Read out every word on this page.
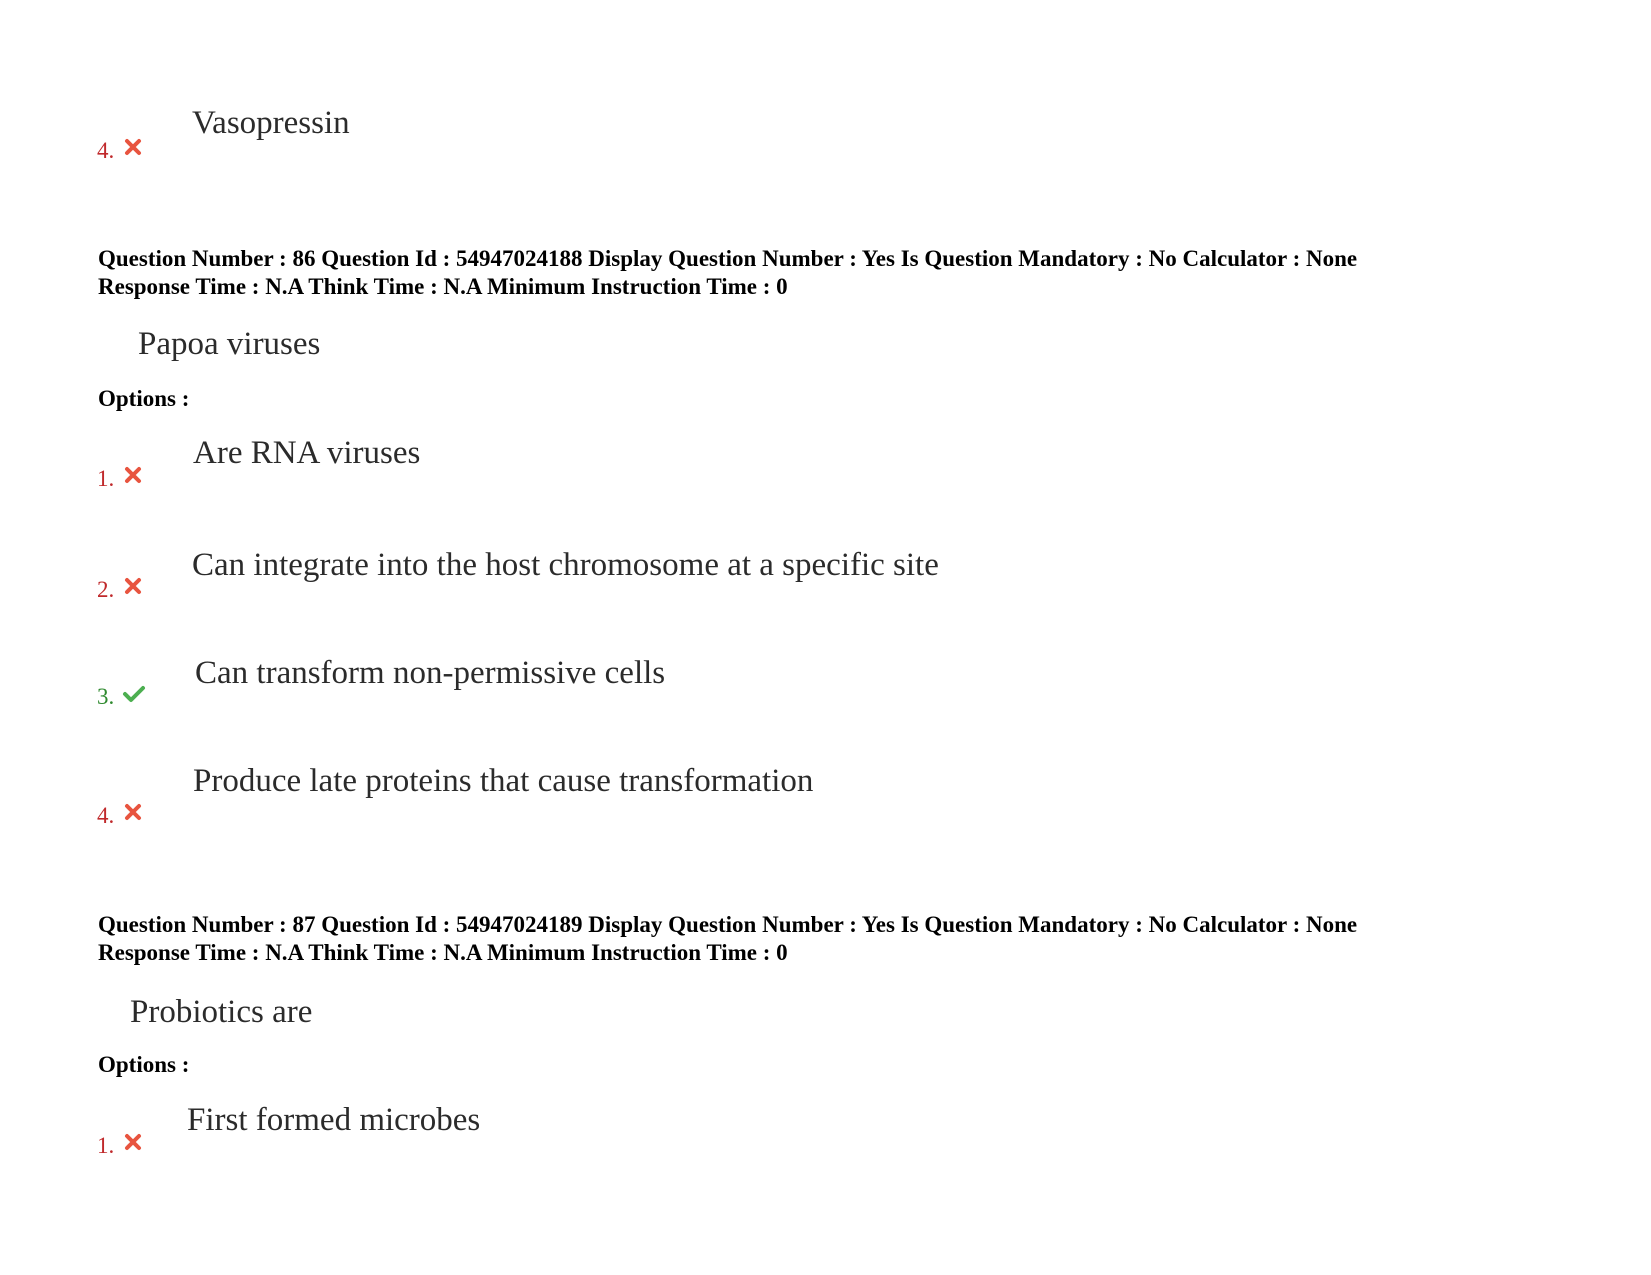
Vasopressin
4.
Question Number : 86 Question Id : 54947024188 Display Question Number : Yes Is Question Mandatory : No Calculator : None
Response Time : N.A Think Time : N.A Minimum Instruction Time : 0
Papoa viruses
Options :
Are RNA viruses
1.
Can integrate into the host chromosome at a specific site
2.
Can transform non-permissive cells
3.
Produce late proteins that cause transformation
4.
Question Number : 87 Question Id : 54947024189 Display Question Number : Yes Is Question Mandatory : No Calculator : None
Response Time : N.A Think Time : N.A Minimum Instruction Time : 0
Probiotics are
Options :
First formed microbes
1.
